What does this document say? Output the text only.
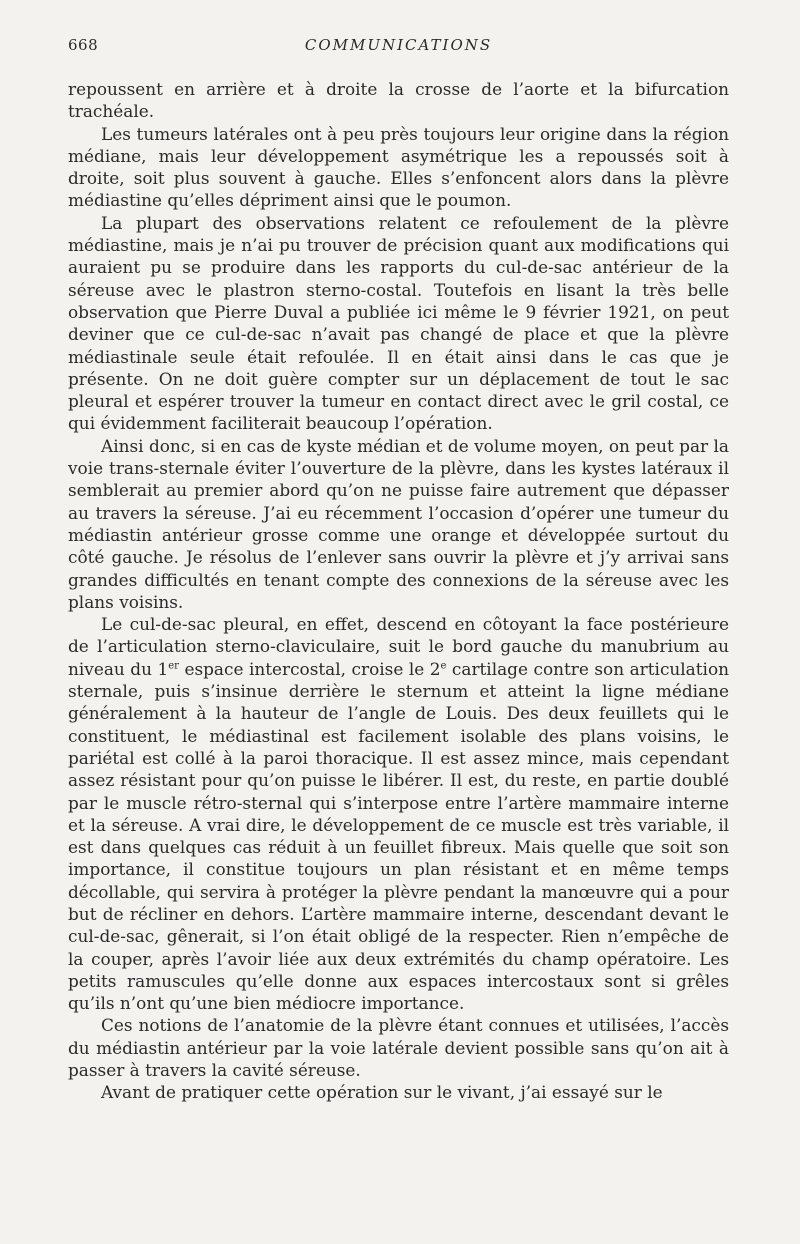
668	COMMUNICATIONS

repoussent en arrière et à droite la crosse de l’aorte et la bifurcation trachéale.

Les tumeurs latérales ont à peu près toujours leur origine dans la région médiane, mais leur développement asymétrique les a repoussés soit à droite, soit plus souvent à gauche. Elles s’enfoncent alors dans la plèvre médiastine qu’elles dépriment ainsi que le poumon.

La plupart des observations relatent ce refoulement de la plèvre médiastine, mais je n’ai pu trouver de précision quant aux modifications qui auraient pu se produire dans les rapports du cul-de-sac antérieur de la séreuse avec le plastron sterno-costal. Toutefois en lisant la très belle observation que Pierre Duval a publiée ici même le 9 février 1921, on peut deviner que ce cul-de-sac n’avait pas changé de place et que la plèvre médiastinale seule était refoulée. Il en était ainsi dans le cas que je présente. On ne doit guère compter sur un déplacement de tout le sac pleural et espérer trouver la tumeur en contact direct avec le gril costal, ce qui évidemment faciliterait beaucoup l’opération.

Ainsi donc, si en cas de kyste médian et de volume moyen, on peut par la voie trans-sternale éviter l’ouverture de la plèvre, dans les kystes latéraux il semblerait au premier abord qu’on ne puisse faire autrement que dépasser au travers la séreuse. J’ai eu récemment l’occasion d’opérer une tumeur du médiastin antérieur grosse comme une orange et développée surtout du côté gauche. Je résolus de l’enlever sans ouvrir la plèvre et j’y arrivai sans grandes difficultés en tenant compte des connexions de la séreuse avec les plans voisins.

Le cul-de-sac pleural, en effet, descend en côtoyant la face postérieure de l’articulation sterno-claviculaire, suit le bord gauche du manubrium au niveau du 1er espace intercostal, croise le 2e cartilage contre son articulation sternale, puis s’insinue derrière le sternum et atteint la ligne médiane généralement à la hauteur de l’angle de Louis. Des deux feuillets qui le constituent, le médiastinal est facilement isolable des plans voisins, le pariétal est collé à la paroi thoracique. Il est assez mince, mais cependant assez résistant pour qu’on puisse le libérer. Il est, du reste, en partie doublé par le muscle rétro-sternal qui s’interpose entre l’artère mammaire interne et la séreuse. A vrai dire, le développement de ce muscle est très variable, il est dans quelques cas réduit à un feuillet fibreux. Mais quelle que soit son importance, il constitue toujours un plan résistant et en même temps décollable, qui servira à protéger la plèvre pendant la manœuvre qui a pour but de récliner en dehors. L’artère mammaire interne, descendant devant le cul-de-sac, gênerait, si l’on était obligé de la respecter. Rien n’empêche de la couper, après l’avoir liée aux deux extrémités du champ opératoire. Les petits ramuscules qu’elle donne aux espaces intercostaux sont si grêles qu’ils n’ont qu’une bien médiocre importance.

Ces notions de l’anatomie de la plèvre étant connues et utilisées, l’accès du médiastin antérieur par la voie latérale devient possible sans qu’on ait à passer à travers la cavité séreuse.

Avant de pratiquer cette opération sur le vivant, j’ai essayé sur le
